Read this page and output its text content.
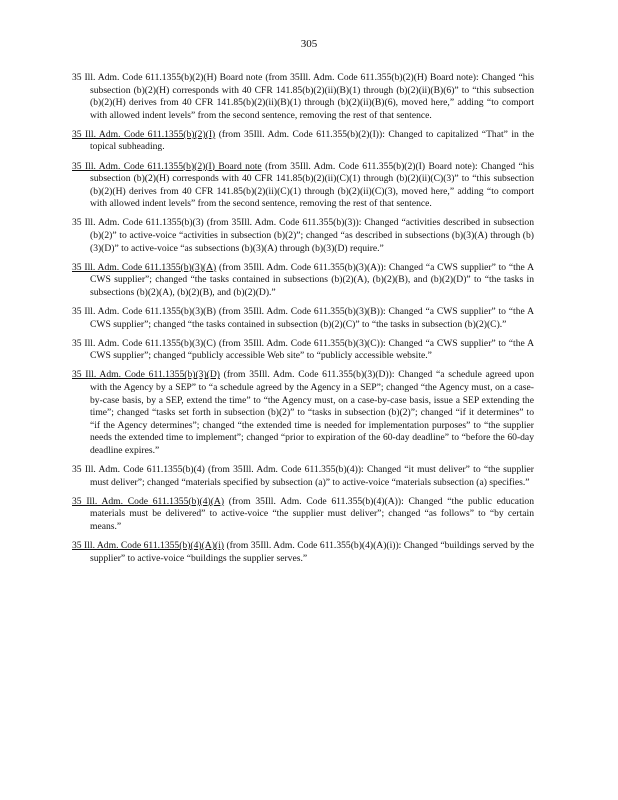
305

35 Ill. Adm. Code 611.1355(b)(2)(H) Board note (from 35Ill. Adm. Code 611.355(b)(2)(H) Board note): Changed “his subsection (b)(2)(H) corresponds with 40 CFR 141.85(b)(2)(ii)(B)(1) through (b)(2)(ii)(B)(6)” to “this subsection (b)(2)(H) derives from 40 CFR 141.85(b)(2)(ii)(B)(1) through (b)(2)(ii)(B)(6), moved here,” adding “to comport with allowed indent levels” from the second sentence, removing the rest of that sentence.

35 Ill. Adm. Code 611.1355(b)(2)(I) (from 35Ill. Adm. Code 611.355(b)(2)(I)): Changed to capitalized “That” in the topical subheading.

35 Ill. Adm. Code 611.1355(b)(2)(I) Board note (from 35Ill. Adm. Code 611.355(b)(2)(I) Board note): Changed “his subsection (b)(2)(H) corresponds with 40 CFR 141.85(b)(2)(ii)(C)(1) through (b)(2)(ii)(C)(3)” to “this subsection (b)(2)(H) derives from 40 CFR 141.85(b)(2)(ii)(C)(1) through (b)(2)(ii)(C)(3), moved here,” adding “to comport with allowed indent levels” from the second sentence, removing the rest of that sentence.

35 Ill. Adm. Code 611.1355(b)(3) (from 35Ill. Adm. Code 611.355(b)(3)): Changed “activities described in subsection (b)(2)” to active-voice “activities in subsection (b)(2)”; changed “as described in subsections (b)(3)(A) through (b)(3)(D)” to active-voice “as subsections (b)(3)(A) through (b)(3)(D) require.”

35 Ill. Adm. Code 611.1355(b)(3)(A) (from 35Ill. Adm. Code 611.355(b)(3)(A)): Changed “a CWS supplier” to “the A CWS supplier”; changed “the tasks contained in subsections (b)(2)(A), (b)(2)(B), and (b)(2)(D)” to “the tasks in subsections (b)(2)(A), (b)(2)(B), and (b)(2)(D).”

35 Ill. Adm. Code 611.1355(b)(3)(B) (from 35Ill. Adm. Code 611.355(b)(3)(B)): Changed “a CWS supplier” to “the A CWS supplier”; changed “the tasks contained in subsection (b)(2)(C)” to “the tasks in subsection (b)(2)(C).”

35 Ill. Adm. Code 611.1355(b)(3)(C) (from 35Ill. Adm. Code 611.355(b)(3)(C)): Changed “a CWS supplier” to “the A CWS supplier”; changed “publicly accessible Web site” to “publicly accessible website.”

35 Ill. Adm. Code 611.1355(b)(3)(D) (from 35Ill. Adm. Code 611.355(b)(3)(D)): Changed “a schedule agreed upon with the Agency by a SEP” to “a schedule agreed by the Agency in a SEP”; changed “the Agency must, on a case-by-case basis, by a SEP, extend the time” to “the Agency must, on a case-by-case basis, issue a SEP extending the time”; changed “tasks set forth in subsection (b)(2)” to “tasks in subsection (b)(2)”; changed “if it determines” to “if the Agency determines”; changed “the extended time is needed for implementation purposes” to “the supplier needs the extended time to implement”; changed “prior to expiration of the 60-day deadline” to “before the 60-day deadline expires.”

35 Ill. Adm. Code 611.1355(b)(4) (from 35Ill. Adm. Code 611.355(b)(4)): Changed “it must deliver” to “the supplier must deliver”; changed “materials specified by subsection (a)” to active-voice “materials subsection (a) specifies.”

35 Ill. Adm. Code 611.1355(b)(4)(A) (from 35Ill. Adm. Code 611.355(b)(4)(A)): Changed “the public education materials must be delivered” to active-voice “the supplier must deliver”; changed “as follows” to “by certain means.”

35 Ill. Adm. Code 611.1355(b)(4)(A)(i) (from 35Ill. Adm. Code 611.355(b)(4)(A)(i)): Changed “buildings served by the supplier” to active-voice “buildings the supplier serves.”
